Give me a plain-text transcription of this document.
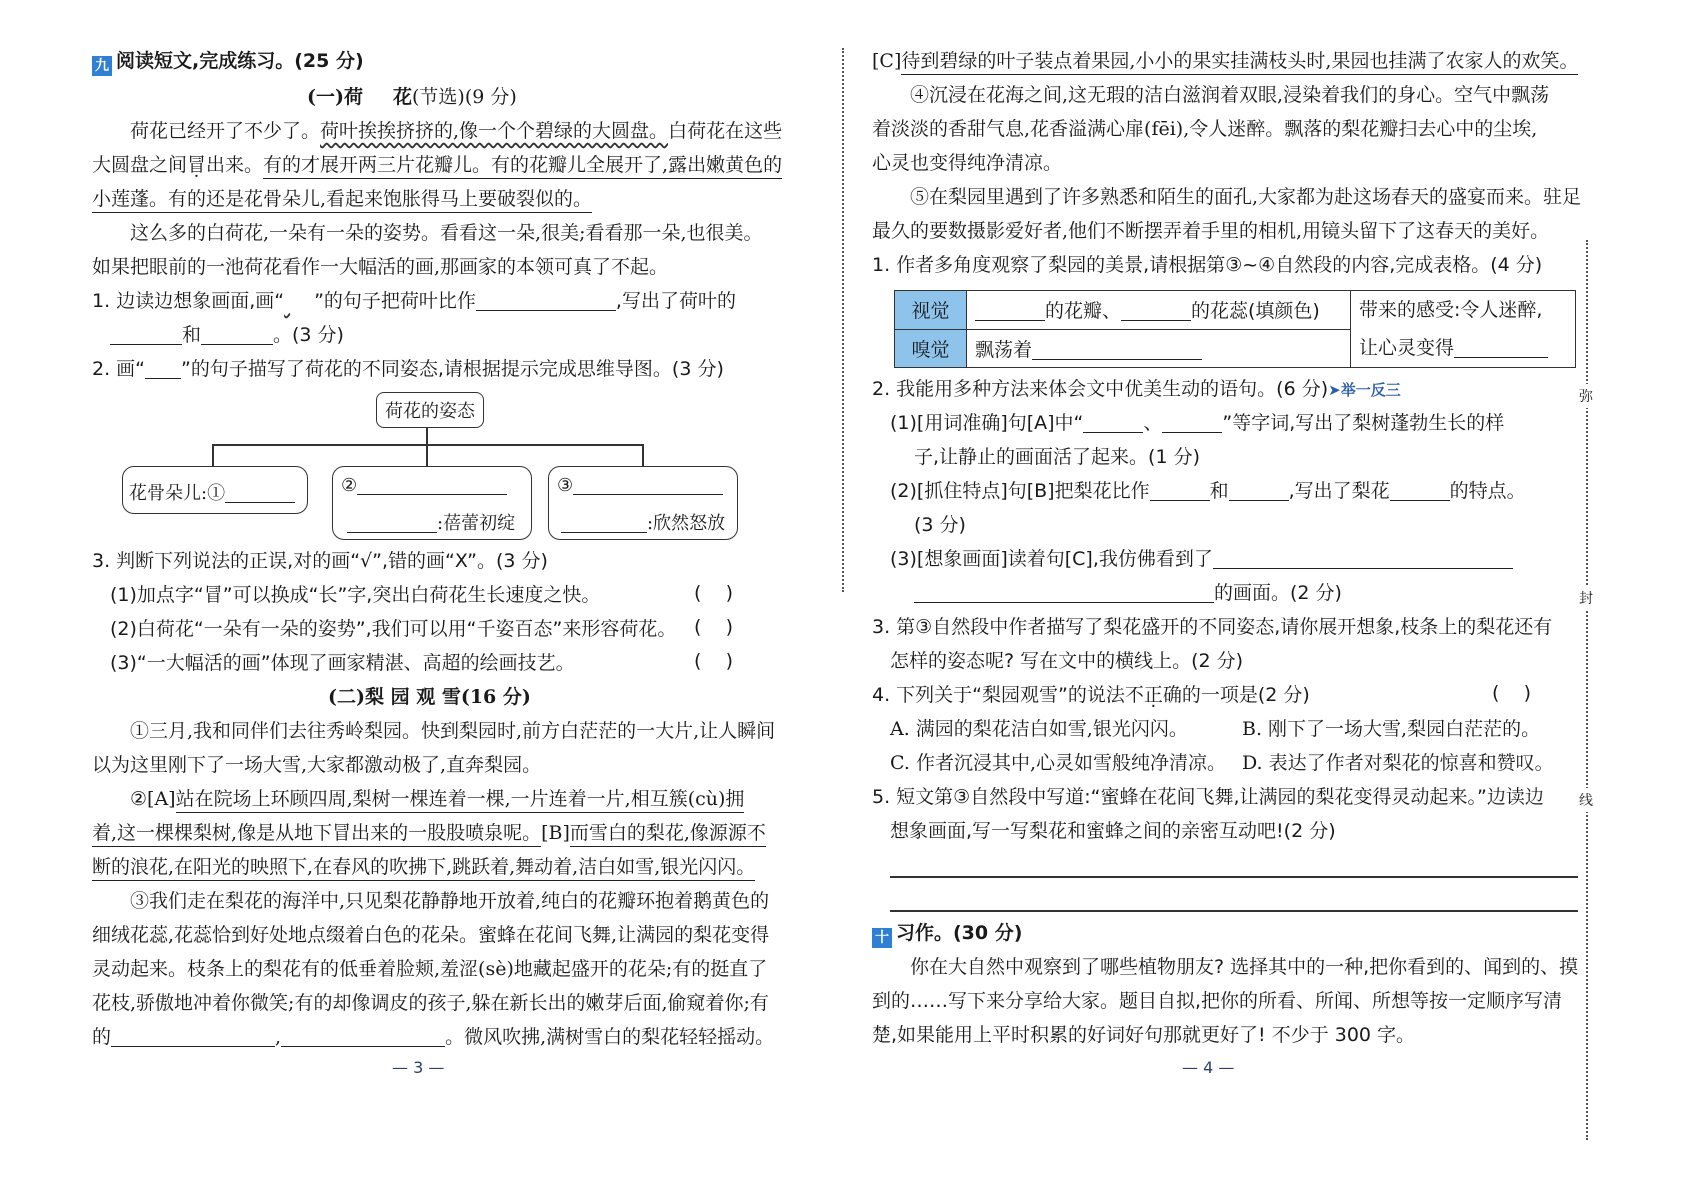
九 阅读短文,完成练习。(25 分)
(一)荷 花(节选)(9 分)
荷花已经开了不少了。荷叶挨挨挤挤的,像一个个碧绿的大圆盘。白荷花在这些
大圆盘之间冒出来。有的才展开两三片花瓣儿。有的花瓣儿全展开了,露出嫩黄色的
小莲蓬。有的还是花骨朵儿,看起来饱胀得马上要破裂似的。
这么多的白荷花,一朵有一朵的姿势。看看这一朵,很美;看看那一朵,也很美。
如果把眼前的一池荷花看作一大幅活的画,那画家的本领可真了不起。
1. 边读边想象画面,画“ ”的句子把荷叶比作	,写出了荷叶的
和	。(3 分)
2. 画“ ”的句子描写了荷花的不同姿态,请根据提示完成思维导图。(3 分)
荷花的姿态
花骨朵儿:①	②
:蓓蕾初绽
③
:欣然怒放
3. 判断下列说法的正误,对的画“√”,错的画“X”。(3 分)
(1)加点字“冒”可以换成“长”字,突出白荷花生长速度之快。	(    )
(2)白荷花“一朵有一朵的姿势”,我们可以用“千姿百态”来形容荷花。 (    )
(3)“一大幅活的画”体现了画家精湛、高超的绘画技艺。	(    )
(二)梨 园 观 雪(16 分)
①三月,我和同伴们去往秀岭梨园。快到梨园时,前方白茫茫的一大片,让人瞬间
以为这里刚下了一场大雪,大家都激动极了,直奔梨园。
②[A]站在院场上环顾四周,梨树一棵连着一棵,一片连着一片,相互簇(cù)拥
着,这一棵棵梨树,像是从地下冒出来的一股股喷泉呢。[B]而雪白的梨花,像源源不
断的浪花,在阳光的映照下,在春风的吹拂下,跳跃着,舞动着,洁白如雪,银光闪闪。
③我们走在梨花的海洋中,只见梨花静静地开放着,纯白的花瓣环抱着鹅黄色的
细绒花蕊,花蕊恰到好处地点缀着白色的花朵。蜜蜂在花间飞舞,让满园的梨花变得
灵动起来。枝条上的梨花有的低垂着脸颊,羞涩(sè)地藏起盛开的花朵;有的挺直了
花枝,骄傲地冲着你微笑;有的却像调皮的孩子,躲在新长出的嫩芽后面,偷窥着你;有
的	,	。微风吹拂,满树雪白的梨花轻轻摇动。
— 3 —
[C]待到碧绿的叶子装点着果园,小小的果实挂满枝头时,果园也挂满了农家人的欢笑。
④沉浸在花海之间,这无瑕的洁白滋润着双眼,浸染着我们的身心。空气中飘荡
着淡淡的香甜气息,花香溢满心扉(fēi),令人迷醉。飘落的梨花瓣扫去心中的尘埃,
心灵也变得纯净清凉。
⑤在梨园里遇到了许多熟悉和陌生的面孔,大家都为赴这场春天的盛宴而来。驻足
最久的要数摄影爱好者,他们不断摆弄着手里的相机,用镜头留下了这春天的美好。
1. 作者多角度观察了梨园的美景,请根据第③~④自然段的内容,完成表格。(4 分)
视觉	的花瓣、 的花蕊(填颜色)	带来的感受:令人迷醉,
让心灵变得

嗅觉	飘荡着	
2. 我能用多种方法来体会文中优美生动的语句。(6 分)➤举一反三
(1)[用词准确]句[A]中“	、	”等字词,写出了梨树蓬勃生长的样
子,让静止的画面活了起来。(1 分)
(2)[抓住特点]句[B]把梨花比作	和	,写出了梨花	的特点。
(3 分)
(3)[想象画面]读着句[C],我仿佛看到了
的画面。(2 分)
3. 第③自然段中作者描写了梨花盛开的不同姿态,请你展开想象,枝条上的梨花还有
怎样的姿态呢? 写在文中的横线上。(2 分)
4. 下列关于“梨园观雪”的说法不正确的一项是(2 分)	(    )
A. 满园的梨花洁白如雪,银光闪闪。	B. 刚下了一场大雪,梨园白茫茫的。
C. 作者沉浸其中,心灵如雪般纯净清凉。 D. 表达了作者对梨花的惊喜和赞叹。
5. 短文第③自然段中写道:“蜜蜂在花间飞舞,让满园的梨花变得灵动起来。”边读边
想象画面,写一写梨花和蜜蜂之间的亲密互动吧!(2 分)
十 习作。(30 分)
你在大自然中观察到了哪些植物朋友? 选择其中的一种,把你看到的、闻到的、摸
到的……写下来分享给大家。题目自拟,把你的所看、所闻、所想等按一定顺序写清
楚,如果能用上平时积累的好词好句那就更好了! 不少于 300 字。
— 4 —
弥
封
线
